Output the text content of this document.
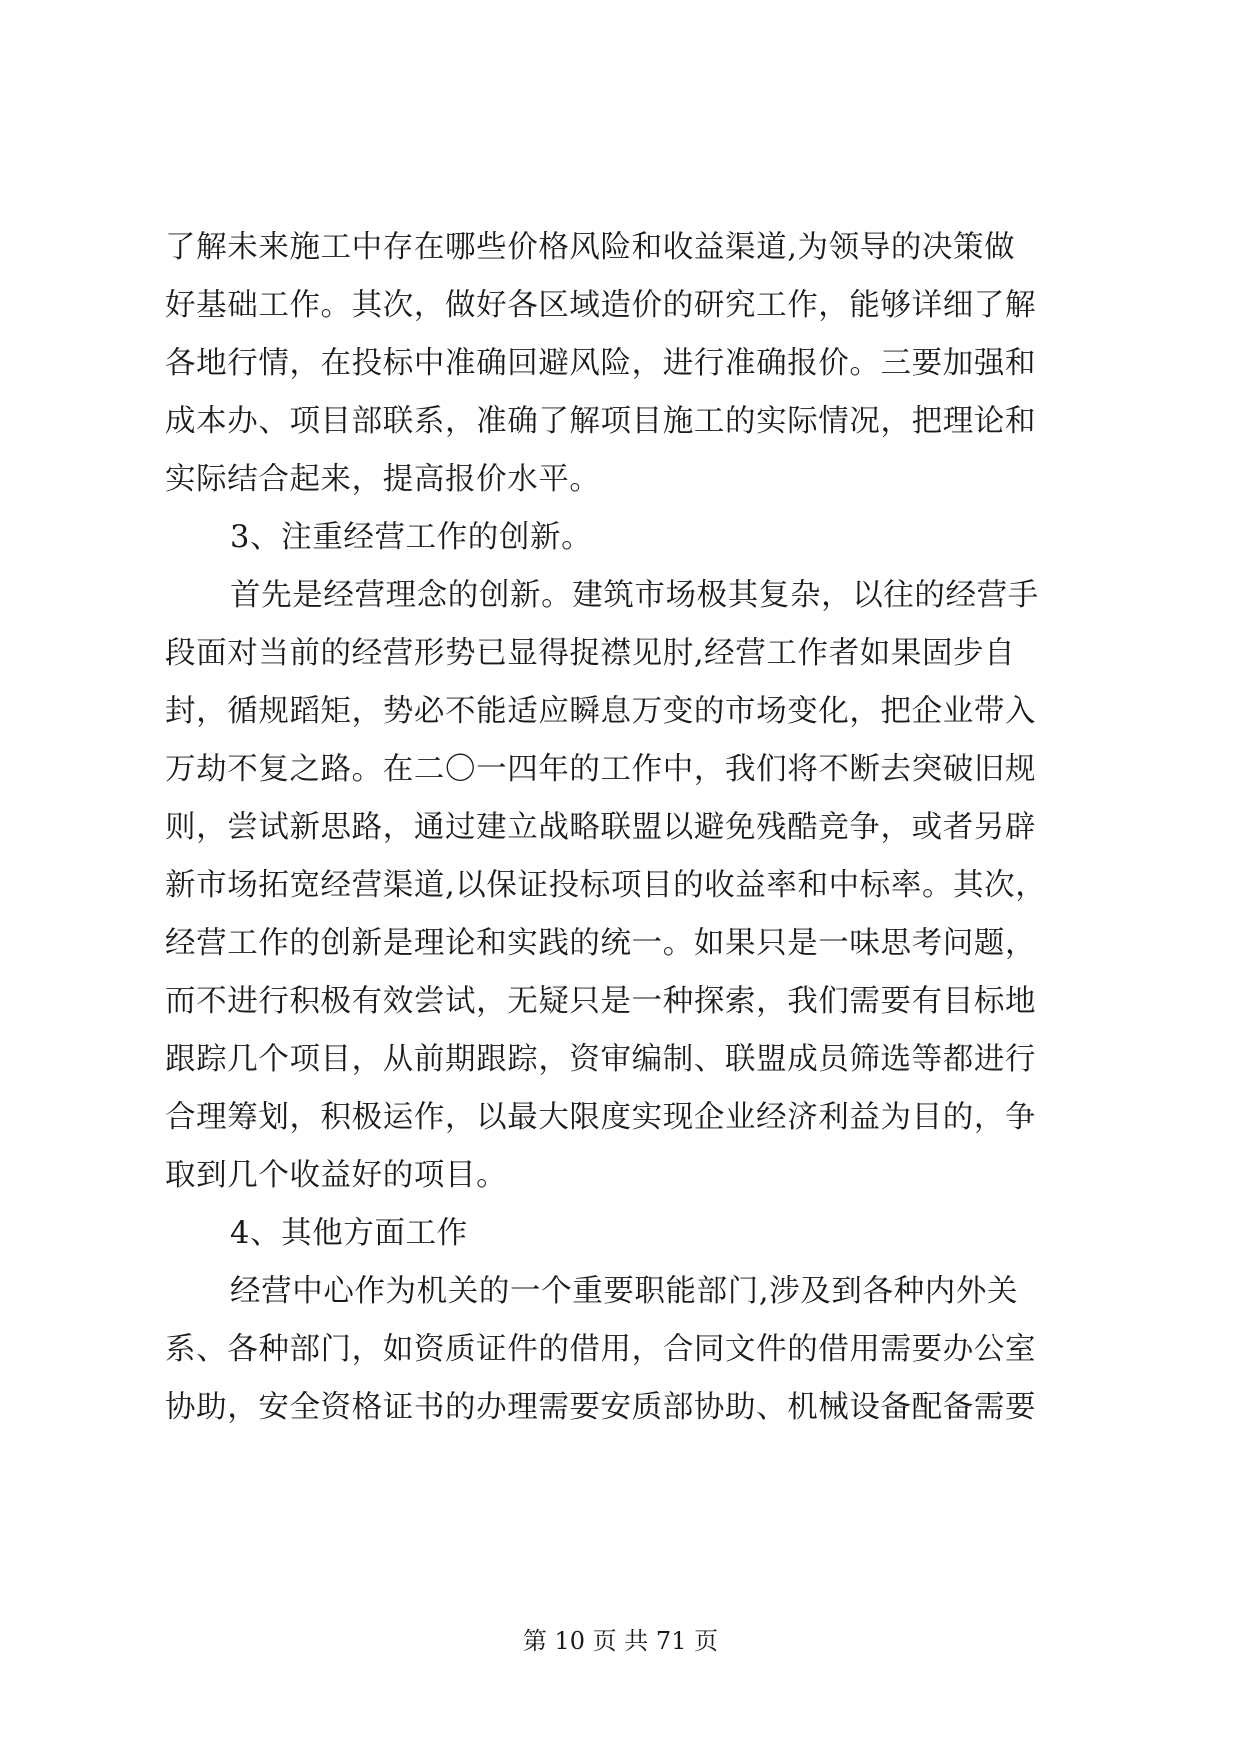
了解未来施工中存在哪些价格风险和收益渠道,为领导的决策做
好基础工作。其次，做好各区域造价的研究工作，能够详细了解
各地行情，在投标中准确回避风险，进行准确报价。三要加强和
成本办、项目部联系，准确了解项目施工的实际情况，把理论和
实际结合起来，提高报价水平。
3、注重经营工作的创新。
首先是经营理念的创新。建筑市场极其复杂，以往的经营手
段面对当前的经营形势已显得捉襟见肘,经营工作者如果固步自
封，循规蹈矩，势必不能适应瞬息万变的市场变化，把企业带入
万劫不复之路。在二〇一四年的工作中，我们将不断去突破旧规
则，尝试新思路，通过建立战略联盟以避免残酷竞争，或者另辟
新市场拓宽经营渠道,以保证投标项目的收益率和中标率。其次，
经营工作的创新是理论和实践的统一。如果只是一味思考问题，
而不进行积极有效尝试，无疑只是一种探索，我们需要有目标地
跟踪几个项目，从前期跟踪，资审编制、联盟成员筛选等都进行
合理筹划，积极运作，以最大限度实现企业经济利益为目的，争
取到几个收益好的项目。
4、其他方面工作
经营中心作为机关的一个重要职能部门,涉及到各种内外关
系、各种部门，如资质证件的借用，合同文件的借用需要办公室
协助，安全资格证书的办理需要安质部协助、机械设备配备需要
第 10 页 共 71 页
